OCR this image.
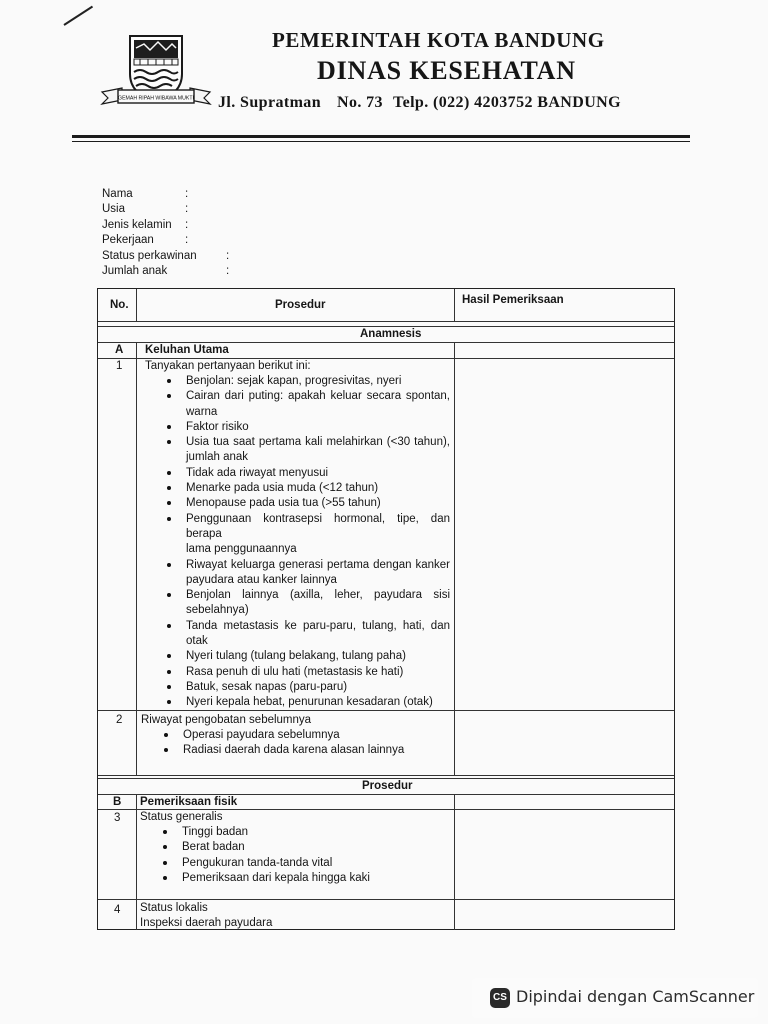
GEMAH RIPAH WIBAWA MUKTI
PEMERINTAH KOTA BANDUNG
DINAS KESEHATAN
Jl. Supratman No. 73 Telp. (022) 4203752 BANDUNG
Nama	:
Usia	:
Jenis kelamin :
Pekerjaan	:
Status perkawinan	:
Jumlah anak	:
No.	Prosedur	Hasil Pemeriksaan
Anamnesis
A Keluhan Utama
1 Tanyakan pertanyaan berikut ini:
Benjolan: sejak kapan, progresivitas, nyeri
Cairan dari puting: apakah keluar secara spontan,
warna
Faktor risiko
Usia tua saat pertama kali melahirkan (<30 tahun),
jumlah anak
Tidak ada riwayat menyusui
Menarke pada usia muda (<12 tahun)
Menopause pada usia tua (>55 tahun)
Penggunaan kontrasepsi hormonal, tipe, dan berapa
lama penggunaannya
Riwayat keluarga generasi pertama dengan kanker
payudara atau kanker lainnya
Benjolan lainnya (axilla, leher, payudara sisi
sebelahnya)
Tanda metastasis ke paru-paru, tulang, hati, dan
otak
Nyeri tulang (tulang belakang, tulang paha)
Rasa penuh di ulu hati (metastasis ke hati)
Batuk, sesak napas (paru-paru)
Nyeri kepala hebat, penurunan kesadaran (otak)
2 Riwayat pengobatan sebelumnya
Operasi payudara sebelumnya
Radiasi daerah dada karena alasan lainnya
Prosedur
B Pemeriksaan fisik
3 Status generalis
Tinggi badan
Berat badan
Pengukuran tanda-tanda vital
Pemeriksaan dari kepala hingga kaki
4 Status lokalis
Inspeksi daerah payudara
CS Dipindai dengan CamScanner
